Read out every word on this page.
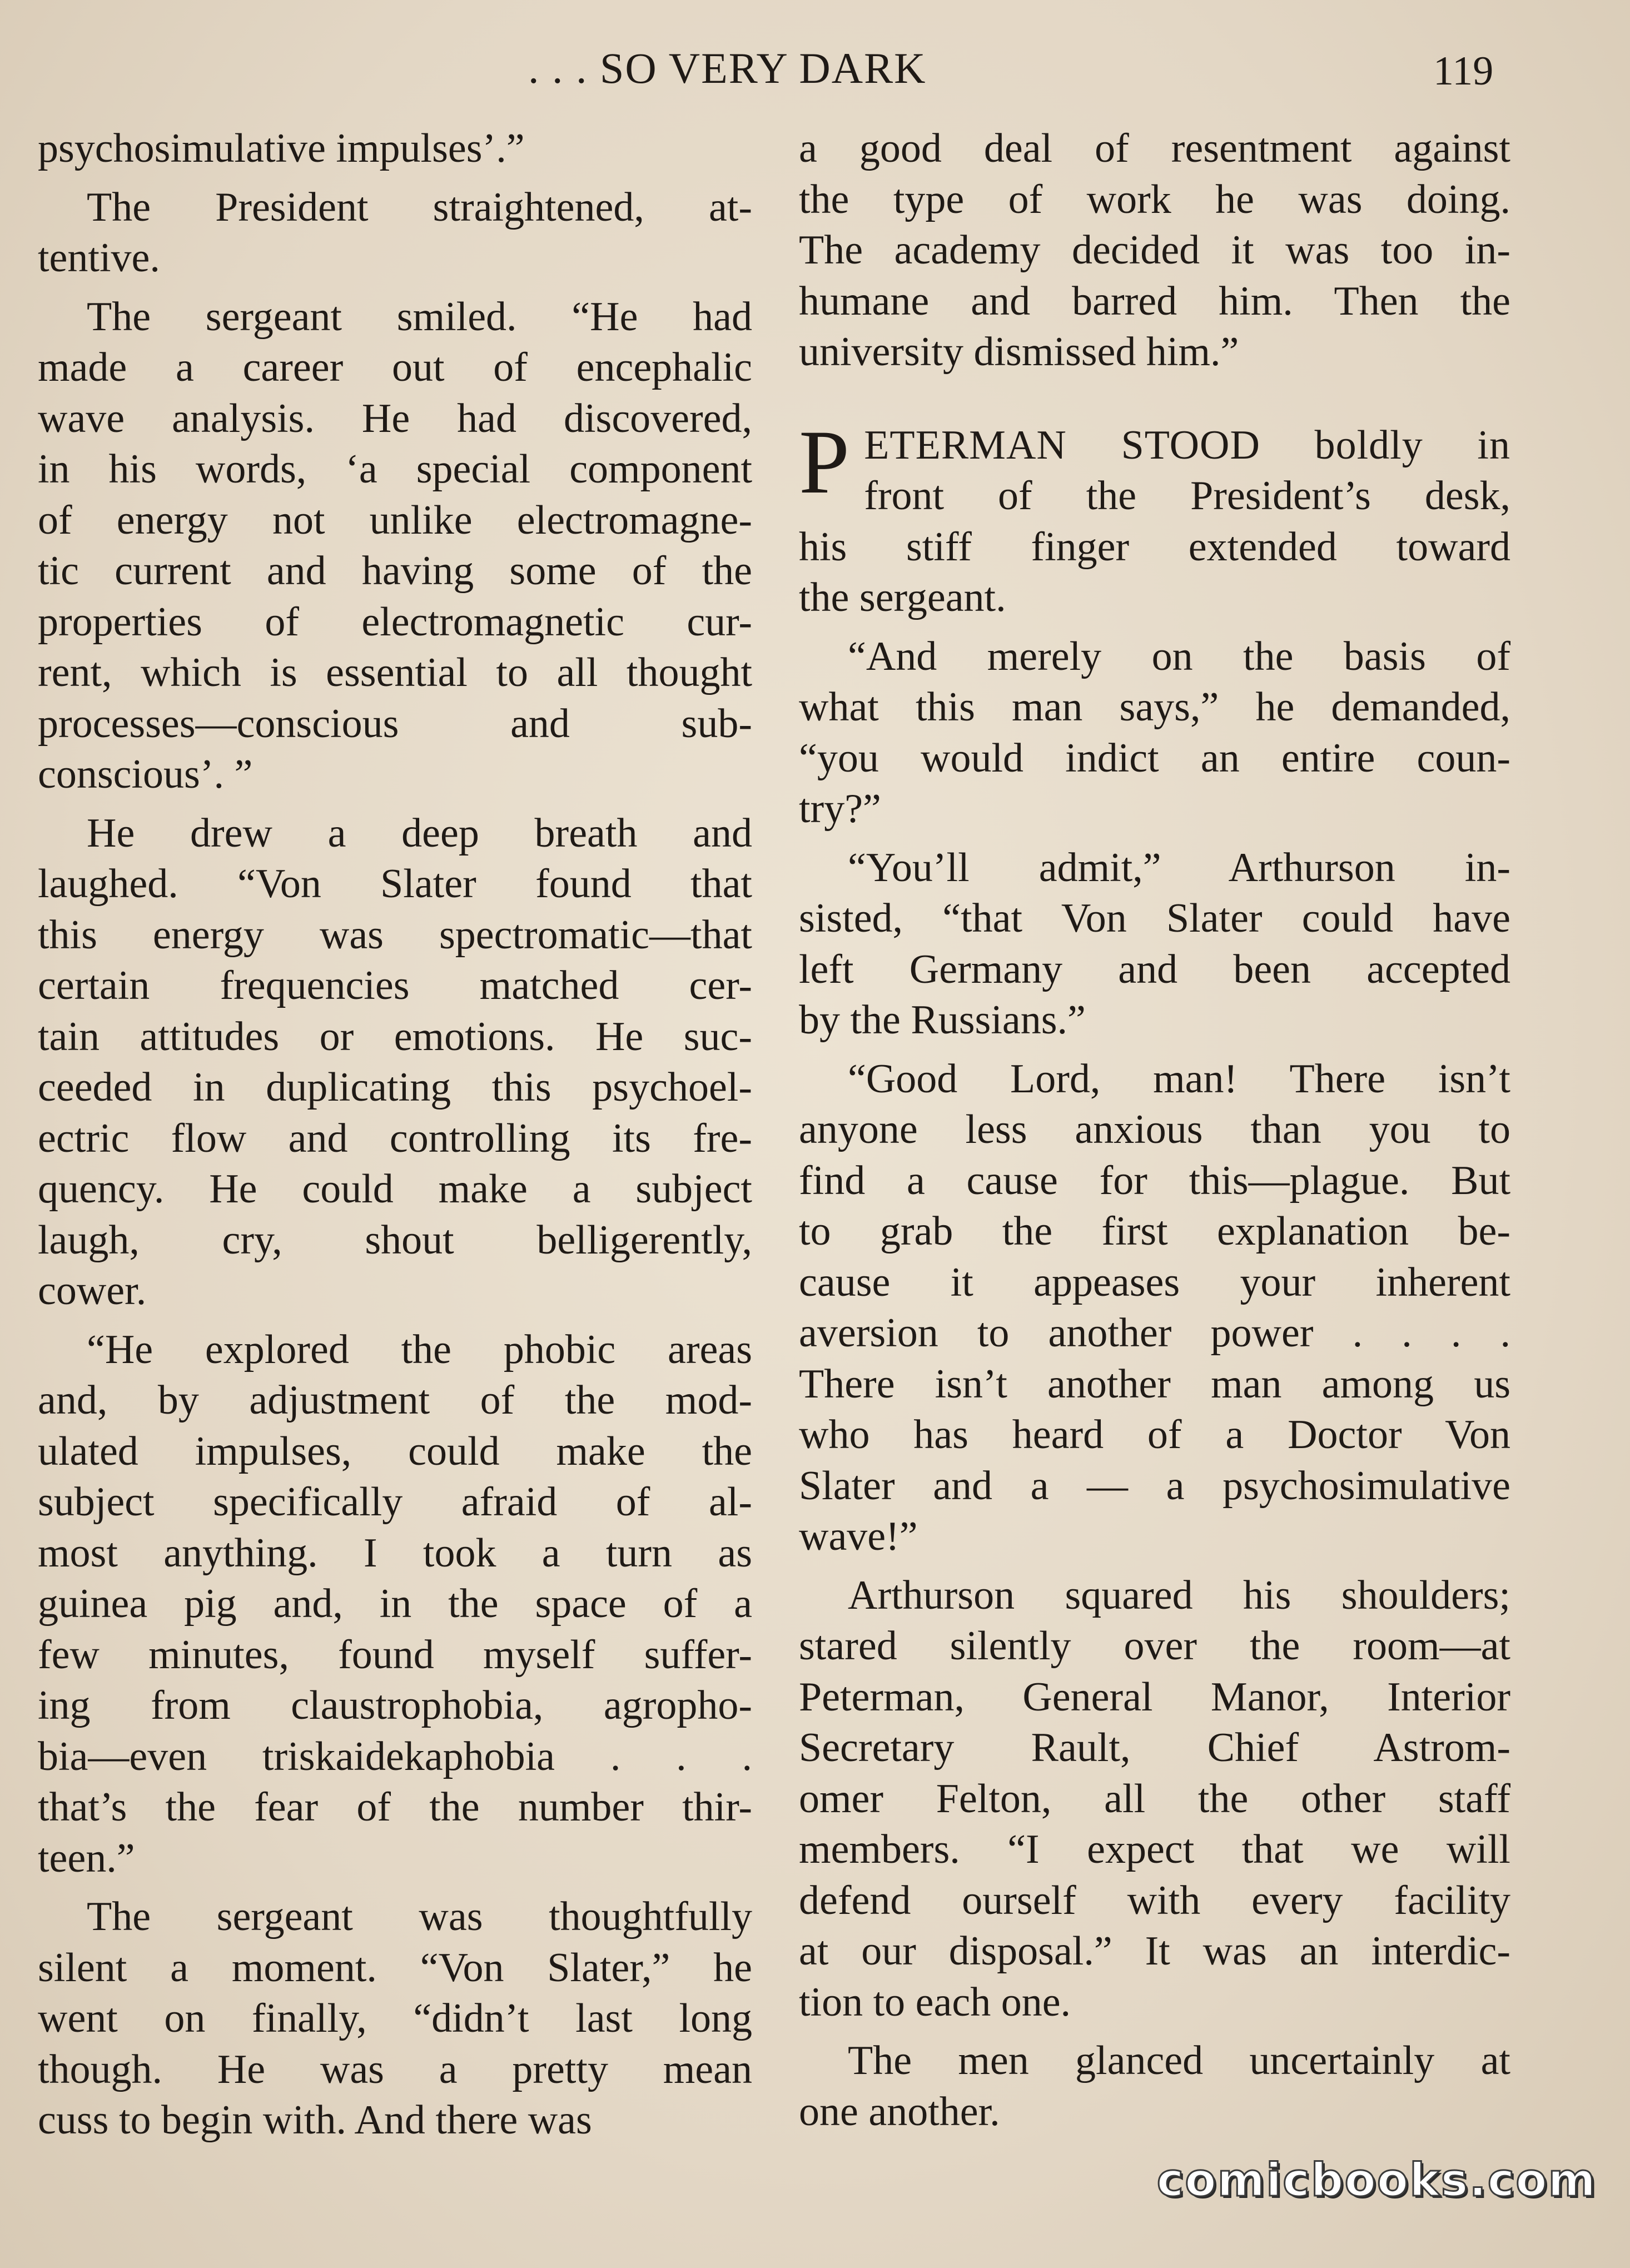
. . . SO VERY DARK	119
psychosimulative impulses’.”
The President straightened, at-
tentive.
The sergeant smiled. “He had
made a career out of encephalic
wave analysis. He had discovered,
in his words, ‘a special component
of energy not unlike electromagne-
tic current and having some of the
properties of electromagnetic cur-
rent, which is essential to all thought
processes—conscious and sub-
conscious’. ”
He drew a deep breath and
laughed. “Von Slater found that
this energy was spectromatic—that
certain frequencies matched cer-
tain attitudes or emotions. He suc-
ceeded in duplicating this psychoel-
ectric flow and controlling its fre-
quency. He could make a subject
laugh, cry, shout belligerently,
cower.
“He explored the phobic areas
and, by adjustment of the mod-
ulated impulses, could make the
subject specifically afraid of al-
most anything. I took a turn as
guinea pig and, in the space of a
few minutes, found myself suffer-
ing from claustrophobia, agropho-
bia—even triskaidekaphobia . . .
that’s the fear of the number thir-
teen.”
The sergeant was thoughtfully
silent a moment. “Von Slater,” he
went on finally, “didn’t last long
though. He was a pretty mean
cuss to begin with. And there was
a good deal of resentment against
the type of work he was doing.
The academy decided it was too in-
humane and barred him. Then the
university dismissed him.”
P ETERMAN STOOD boldly in
front of the President’s desk,
his stiff finger extended toward
the sergeant.
“And merely on the basis of
what this man says,” he demanded,
“you would indict an entire coun-
try?”
“You’ll admit,” Arthurson in-
sisted, “that Von Slater could have
left Germany and been accepted
by the Russians.”
“Good Lord, man! There isn’t
anyone less anxious than you to
find a cause for this—plague. But
to grab the first explanation be-
cause it appeases your inherent
aversion to another power . . . .
There isn’t another man among us
who has heard of a Doctor Von
Slater and a — a psychosimulative
wave!”
Arthurson squared his shoulders;
stared silently over the room—at
Peterman, General Manor, Interior
Secretary Rault, Chief Astrom-
omer Felton, all the other staff
members. “I expect that we will
defend ourself with every facility
at our disposal.” It was an interdic-
tion to each one.
The men glanced uncertainly at
one another.
comicbooks.com
